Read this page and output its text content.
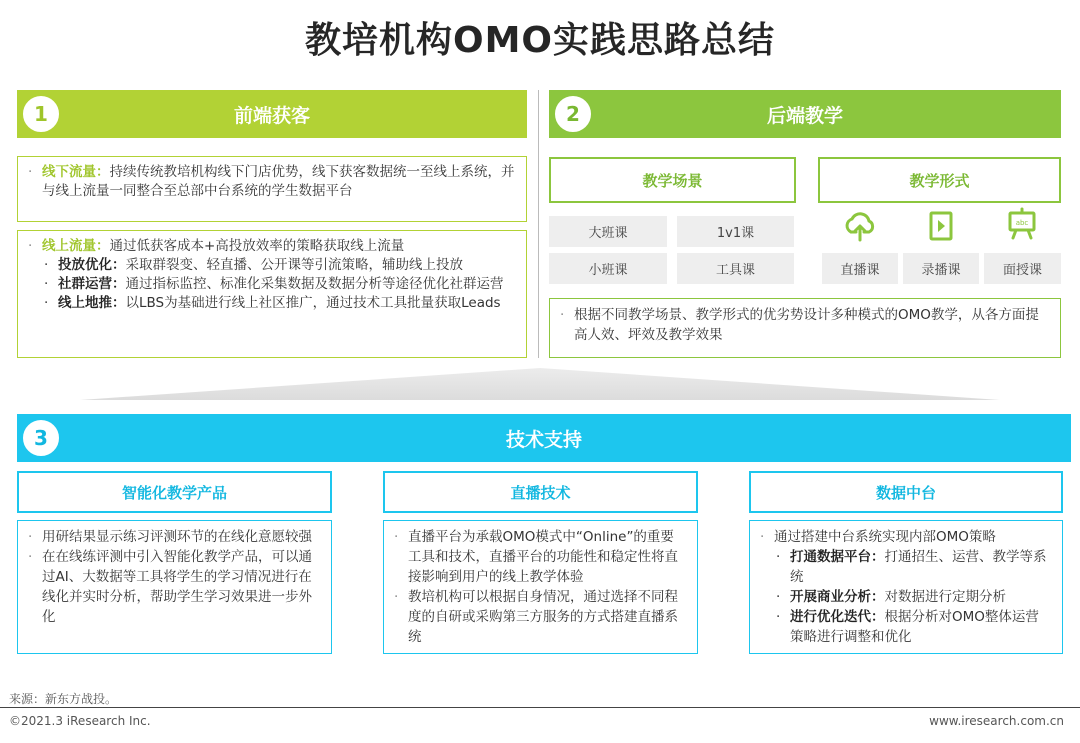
教培机构OMO实践思路总结
1	前端获客
· 线下流量：持续传统教培机构线下门店优势，线下获客数据统一至线上系统，并与线上流量一同整合至总部中台系统的学生数据平台
· 线上流量：通过低获客成本+高投放效率的策略获取线上流量
· 投放优化：采取群裂变、轻直播、公开课等引流策略，辅助线上投放
· 社群运营：通过指标监控、标准化采集数据及数据分析等途径优化社群运营
· 线上地推：以LBS为基础进行线上社区推广，通过技术工具批量获取Leads
2	后端教学
教学场景	教学形式
大班课	1v1课
小班课	工具课
abc
直播课	录播课	面授课
· 根据不同教学场景、教学形式的优劣势设计多种模式的OMO教学，从各方面提高人效、坪效及教学效果
3	技术支持
智能化教学产品	直播技术	数据中台
· 用研结果显示练习评测环节的在线化意愿较强
· 在在线练评测中引入智能化教学产品，可以通过AI、大数据等工具将学生的学习情况进行在线化并实时分析，帮助学生学习效果进一步外化
· 直播平台为承载OMO模式中“Online”的重要工具和技术，直播平台的功能性和稳定性将直接影响到用户的线上教学体验
· 教培机构可以根据自身情况，通过选择不同程度的自研或采购第三方服务的方式搭建直播系统
· 通过搭建中台系统实现内部OMO策略
· 打通数据平台：打通招生、运营、教学等系统
· 开展商业分析：对数据进行定期分析
· 进行优化迭代：根据分析对OMO整体运营策略进行调整和优化
来源：新东方战投。
©2021.3 iResearch Inc.	www.iresearch.com.cn
